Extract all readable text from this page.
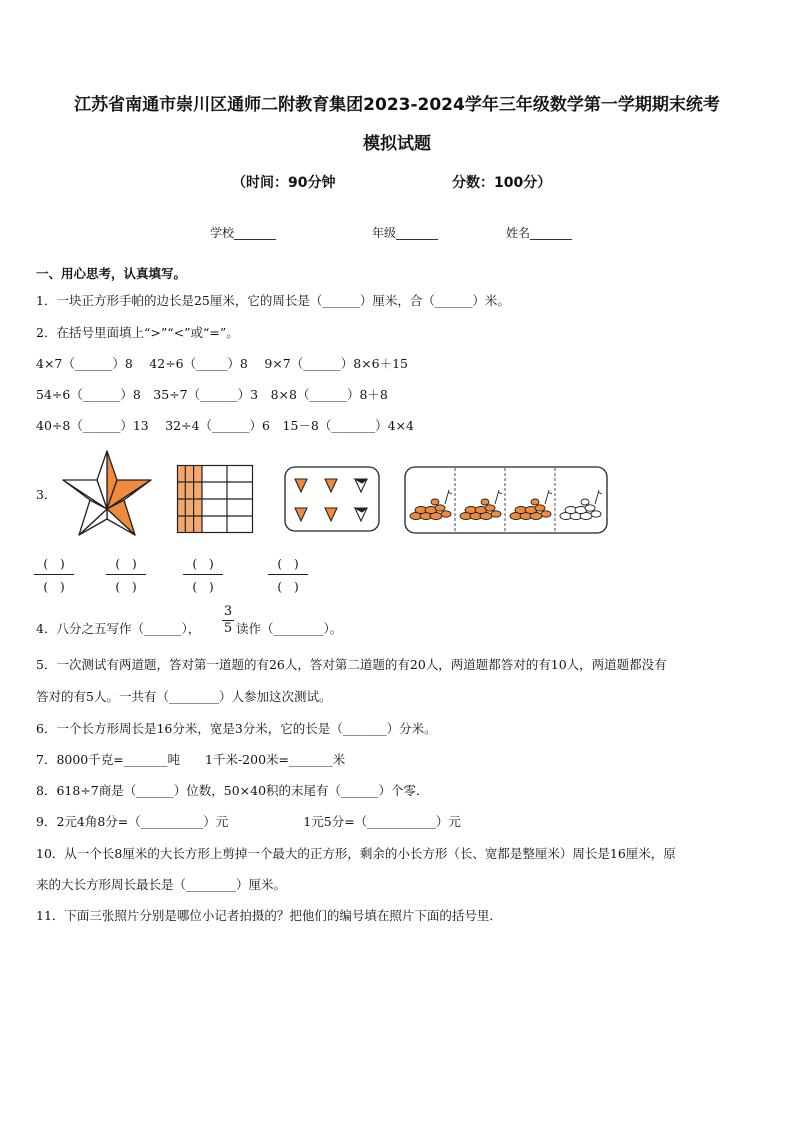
江苏省南通市崇川区通师二附教育集团2023-2024学年三年级数学第一学期期末统考
模拟试题
（时间：90分钟	分数：100分）
学校_______	年级_______	姓名_______
一、用心思考，认真填写。
1．一块正方形手帕的边长是25厘米，它的周长是（______）厘米，合（______）米。
2．在括号里面填上“>”“<”或“=”。
4×7（______）8　 42÷6（_____）8　 9×7（______）8×6＋15
54÷6（______）8　35÷7（______）3　8×8（______）8＋8
40÷8（______）13　 32÷4（______）6　15－8（_______）4×4
3．
(　)
(　)
(　)
(　)
(　)
(　)
(　)
(　)
4．八分之五写作（______）， $\frac{3}{5}$ 读作（________）。
5．一次测试有两道题，答对第一道题的有26人，答对第二道题的有20人，两道题都答对的有10人，两道题都没有
答对的有5人。一共有（________）人参加这次测试。
6．一个长方形周长是16分米，宽是3分米，它的长是（_______）分米。
7．8000千克=_______吨　　1千米-200米=_______米
8．618÷7商是（______）位数，50×40积的末尾有（______）个零．
9．2元4角8分=（__________）元　　　　　　1元5分=（___________）元
10．从一个长8厘米的大长方形上剪掉一个最大的正方形，剩余的小长方形（长、宽都是整厘米）周长是16厘米，原
来的大长方形周长最长是（________）厘米。
11．下面三张照片分别是哪位小记者拍摄的？把他们的编号填在照片下面的括号里．
